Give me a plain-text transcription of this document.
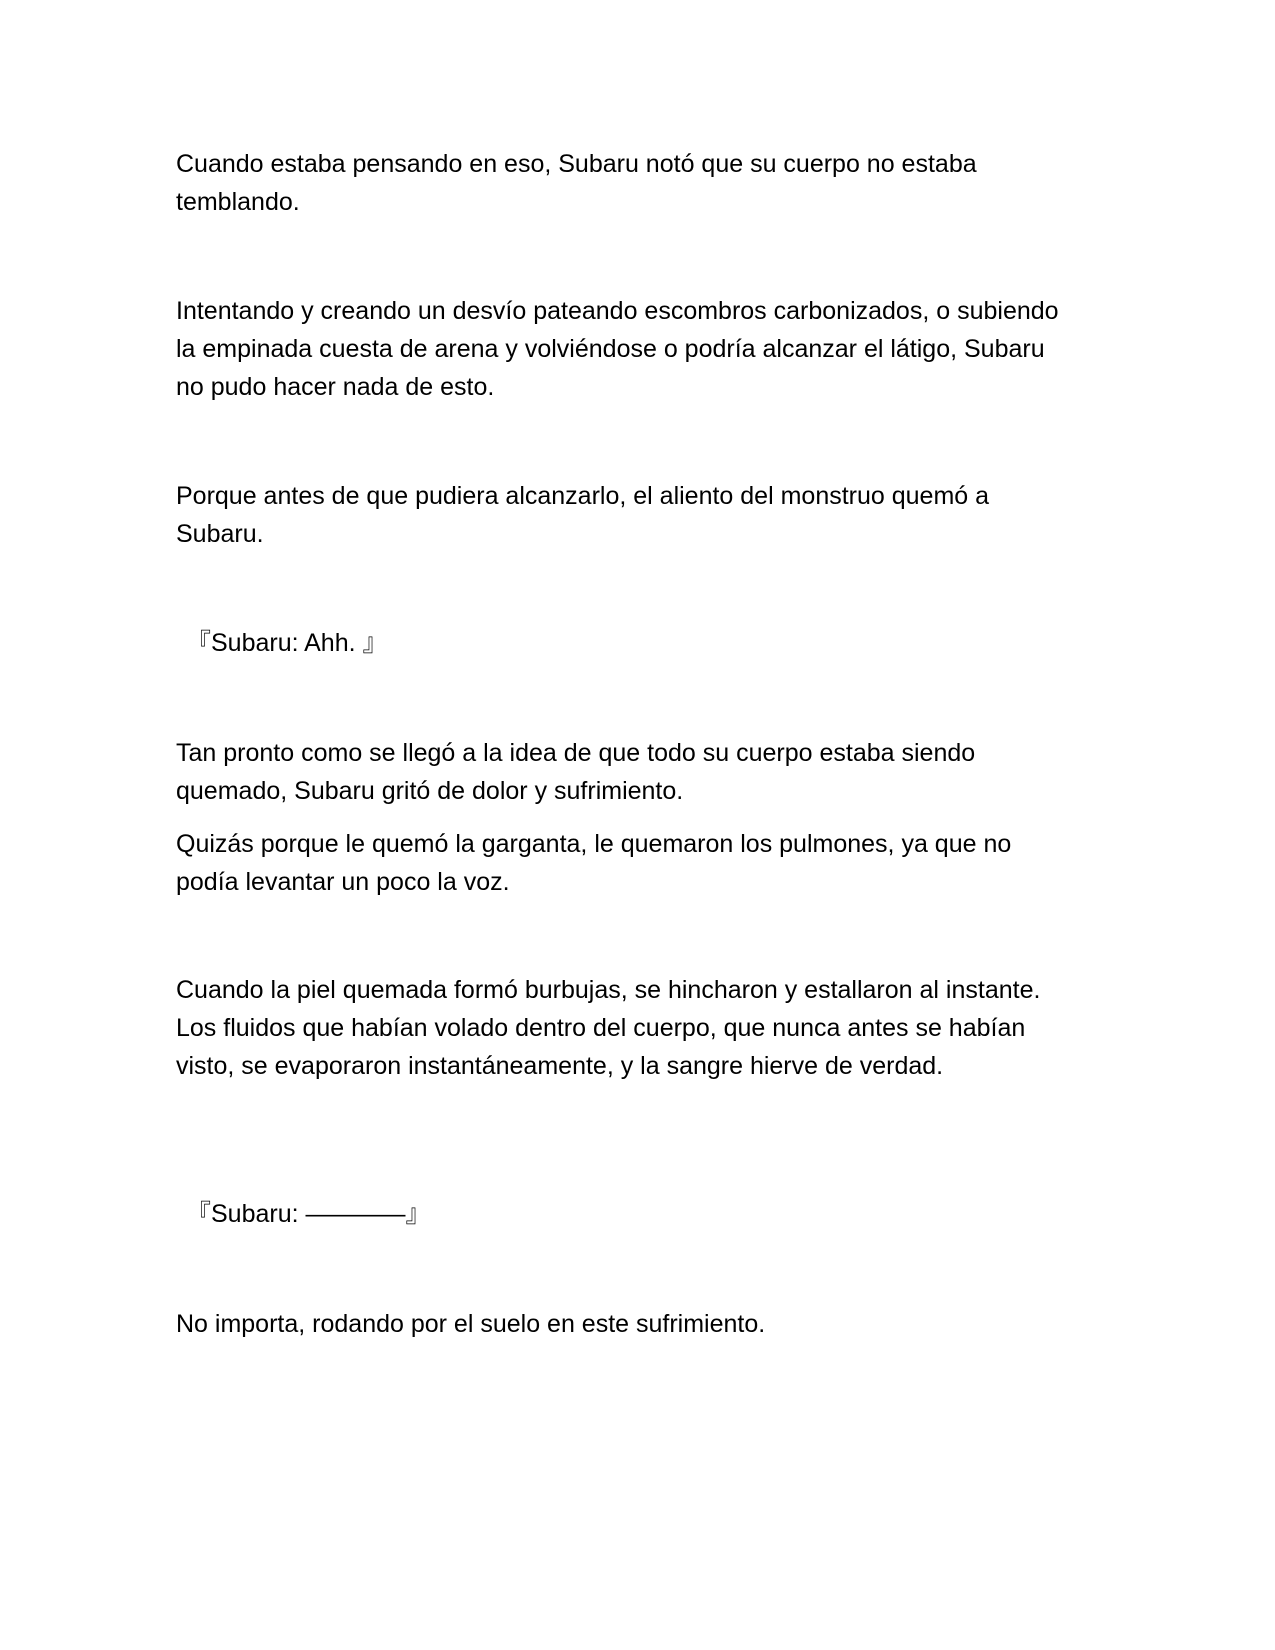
Cuando estaba pensando en eso, Subaru notó que su cuerpo no estaba temblando.

Intentando y creando un desvío pateando escombros carbonizados, o subiendo la empinada cuesta de arena y volviéndose o podría alcanzar el látigo, Subaru no pudo hacer nada de esto.

Porque antes de que pudiera alcanzarlo, el aliento del monstruo quemó a Subaru.

『Subaru: Ahh. 』

Tan pronto como se llegó a la idea de que todo su cuerpo estaba siendo quemado, Subaru gritó de dolor y sufrimiento.

Quizás porque le quemó la garganta, le quemaron los pulmones, ya que no podía levantar un poco la voz.

Cuando la piel quemada formó burbujas, se hincharon y estallaron al instante. Los fluidos que habían volado dentro del cuerpo, que nunca antes se habían visto, se evaporaron instantáneamente, y la sangre hierve de verdad.

『Subaru: ————』

No importa, rodando por el suelo en este sufrimiento.
